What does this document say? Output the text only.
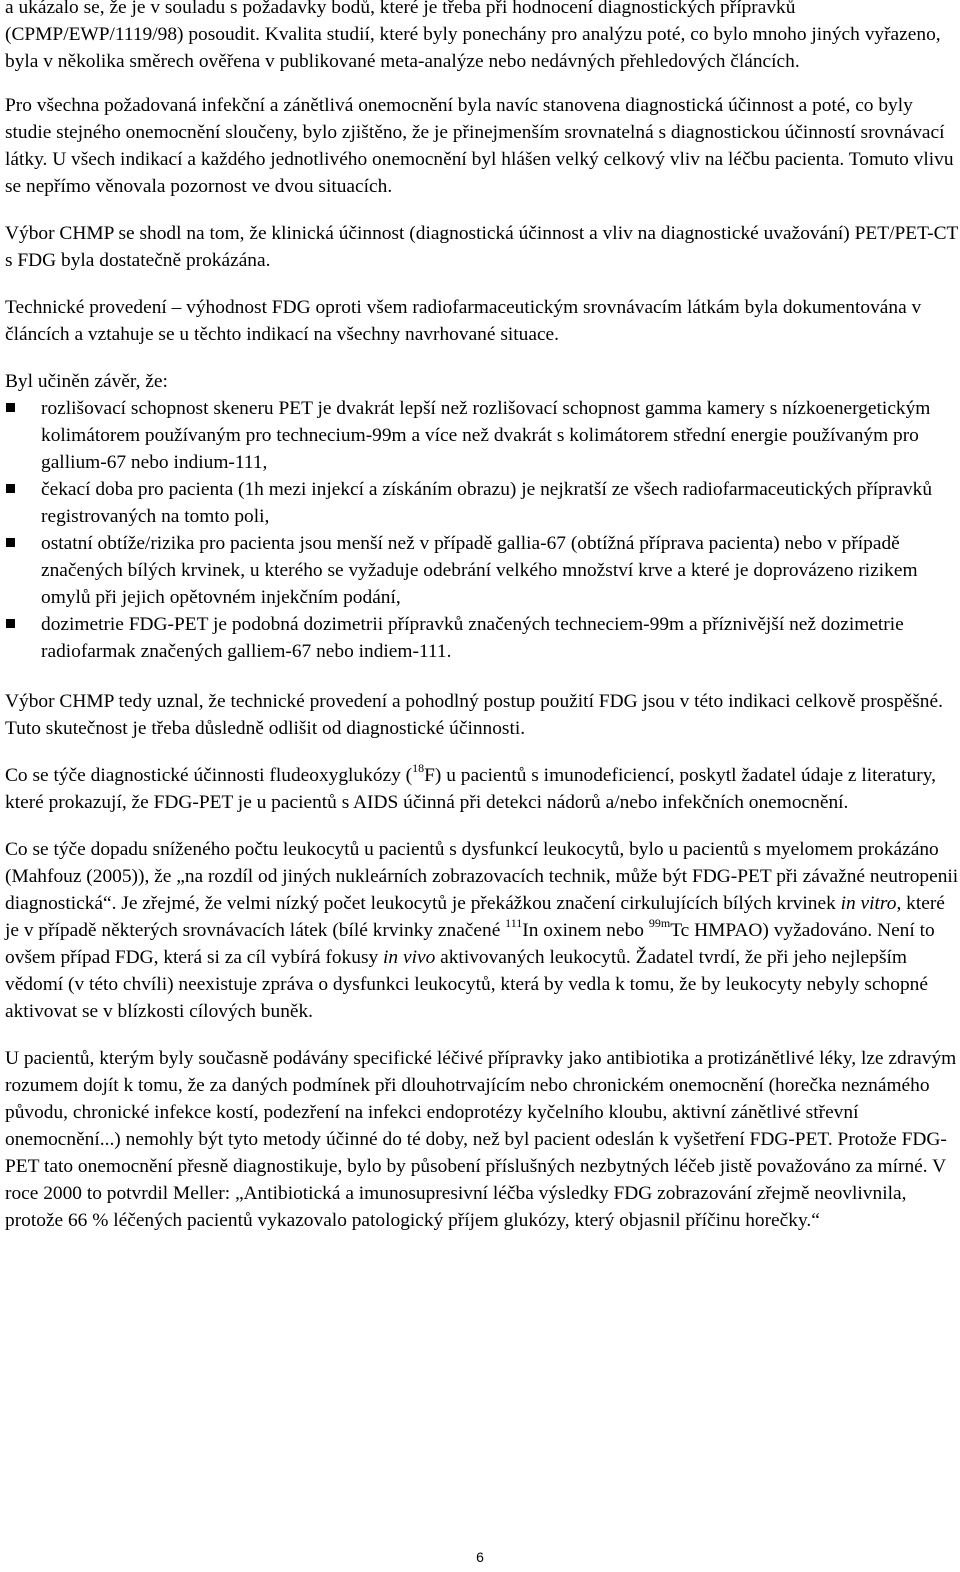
a ukázalo se, že je v souladu s požadavky bodů, které je třeba při hodnocení diagnostických přípravků (CPMP/EWP/1119/98) posoudit. Kvalita studií, které byly ponechány pro analýzu poté, co bylo mnoho jiných vyřazeno, byla v několika směrech ověřena v publikované meta-analýze nebo nedávných přehledových článcích.

Pro všechna požadovaná infekční a zánětlivá onemocnění byla navíc stanovena diagnostická účinnost a poté, co byly studie stejného onemocnění sloučeny, bylo zjištěno, že je přinejmenším srovnatelná s diagnostickou účinností srovnávací látky. U všech indikací a každého jednotlivého onemocnění byl hlášen velký celkový vliv na léčbu pacienta. Tomuto vlivu se nepřímo věnovala pozornost ve dvou situacích.

Výbor CHMP se shodl na tom, že klinická účinnost (diagnostická účinnost a vliv na diagnostické uvažování) PET/PET-CT s FDG byla dostatečně prokázána.

Technické provedení – výhodnost FDG oproti všem radiofarmaceutickým srovnávacím látkám byla dokumentována v článcích a vztahuje se u těchto indikací na všechny navrhované situace.

Byl učiněn závěr, že:

rozlišovací schopnost skeneru PET je dvakrát lepší než rozlišovací schopnost gamma kamery s nízkoenergetickým kolimátorem používaným pro technecium-99m a více než dvakrát s kolimátorem střední energie používaným pro gallium-67 nebo indium-111,
čekací doba pro pacienta (1h mezi injekcí a získáním obrazu) je nejkratší ze všech radiofarmaceutických přípravků registrovaných na tomto poli,
ostatní obtíže/rizika pro pacienta jsou menší než v případě gallia-67 (obtížná příprava pacienta) nebo v případě značených bílých krvinek, u kterého se vyžaduje odebrání velkého množství krve a které je doprovázeno rizikem omylů při jejich opětovném injekčním podání,
dozimetrie FDG-PET je podobná dozimetrii přípravků značených techneciem-99m a příznivější než dozimetrie radiofarmak značených galliem-67 nebo indiem-111.

Výbor CHMP tedy uznal, že technické provedení a pohodlný postup použití FDG jsou v této indikaci celkově prospěšné. Tuto skutečnost je třeba důsledně odlišit od diagnostické účinnosti.

Co se týče diagnostické účinnosti fludeoxyglukózy ($^{18}$F) u pacientů s imunodeficiencí, poskytl žadatel údaje z literatury, které prokazují, že FDG-PET je u pacientů s AIDS účinná při detekci nádorů a/nebo infekčních onemocnění.

Co se týče dopadu sníženého počtu leukocytů u pacientů s dysfunkcí leukocytů, bylo u pacientů s myelomem prokázáno (Mahfouz (2005)), že „na rozdíl od jiných nukleárních zobrazovacích technik, může být FDG-PET při závažné neutropenii diagnostická“. Je zřejmé, že velmi nízký počet leukocytů je překážkou značení cirkulujících bílých krvinek in vitro, které je v případě některých srovnávacích látek (bílé krvinky značené $^{111}$In oxinem nebo $^{99m}$Tc HMPAO) vyžadováno. Není to ovšem případ FDG, která si za cíl vybírá fokusy in vivo aktivovaných leukocytů. Žadatel tvrdí, že při jeho nejlepším vědomí (v této chvíli) neexistuje zpráva o dysfunkci leukocytů, která by vedla k tomu, že by leukocyty nebyly schopné aktivovat se v blízkosti cílových buněk.

U pacientů, kterým byly současně podávány specifické léčivé přípravky jako antibiotika a protizánětlivé léky, lze zdravým rozumem dojít k tomu, že za daných podmínek při dlouhotrvajícím nebo chronickém onemocnění (horečka neznámého původu, chronické infekce kostí, podezření na infekci endoprotézy kyčelního kloubu, aktivní zánětlivé střevní onemocnění...) nemohly být tyto metody účinné do té doby, než byl pacient odeslán k vyšetření FDG-PET. Protože FDG-PET tato onemocnění přesně diagnostikuje, bylo by působení příslušných nezbytných léčeb jistě považováno za mírné. V roce 2000 to potvrdil Meller: „Antibiotická a imunosupresivní léčba výsledky FDG zobrazování zřejmě neovlivnila, protože 66 % léčených pacientů vykazovalo patologický příjem glukózy, který objasnil příčinu horečky.“

6
